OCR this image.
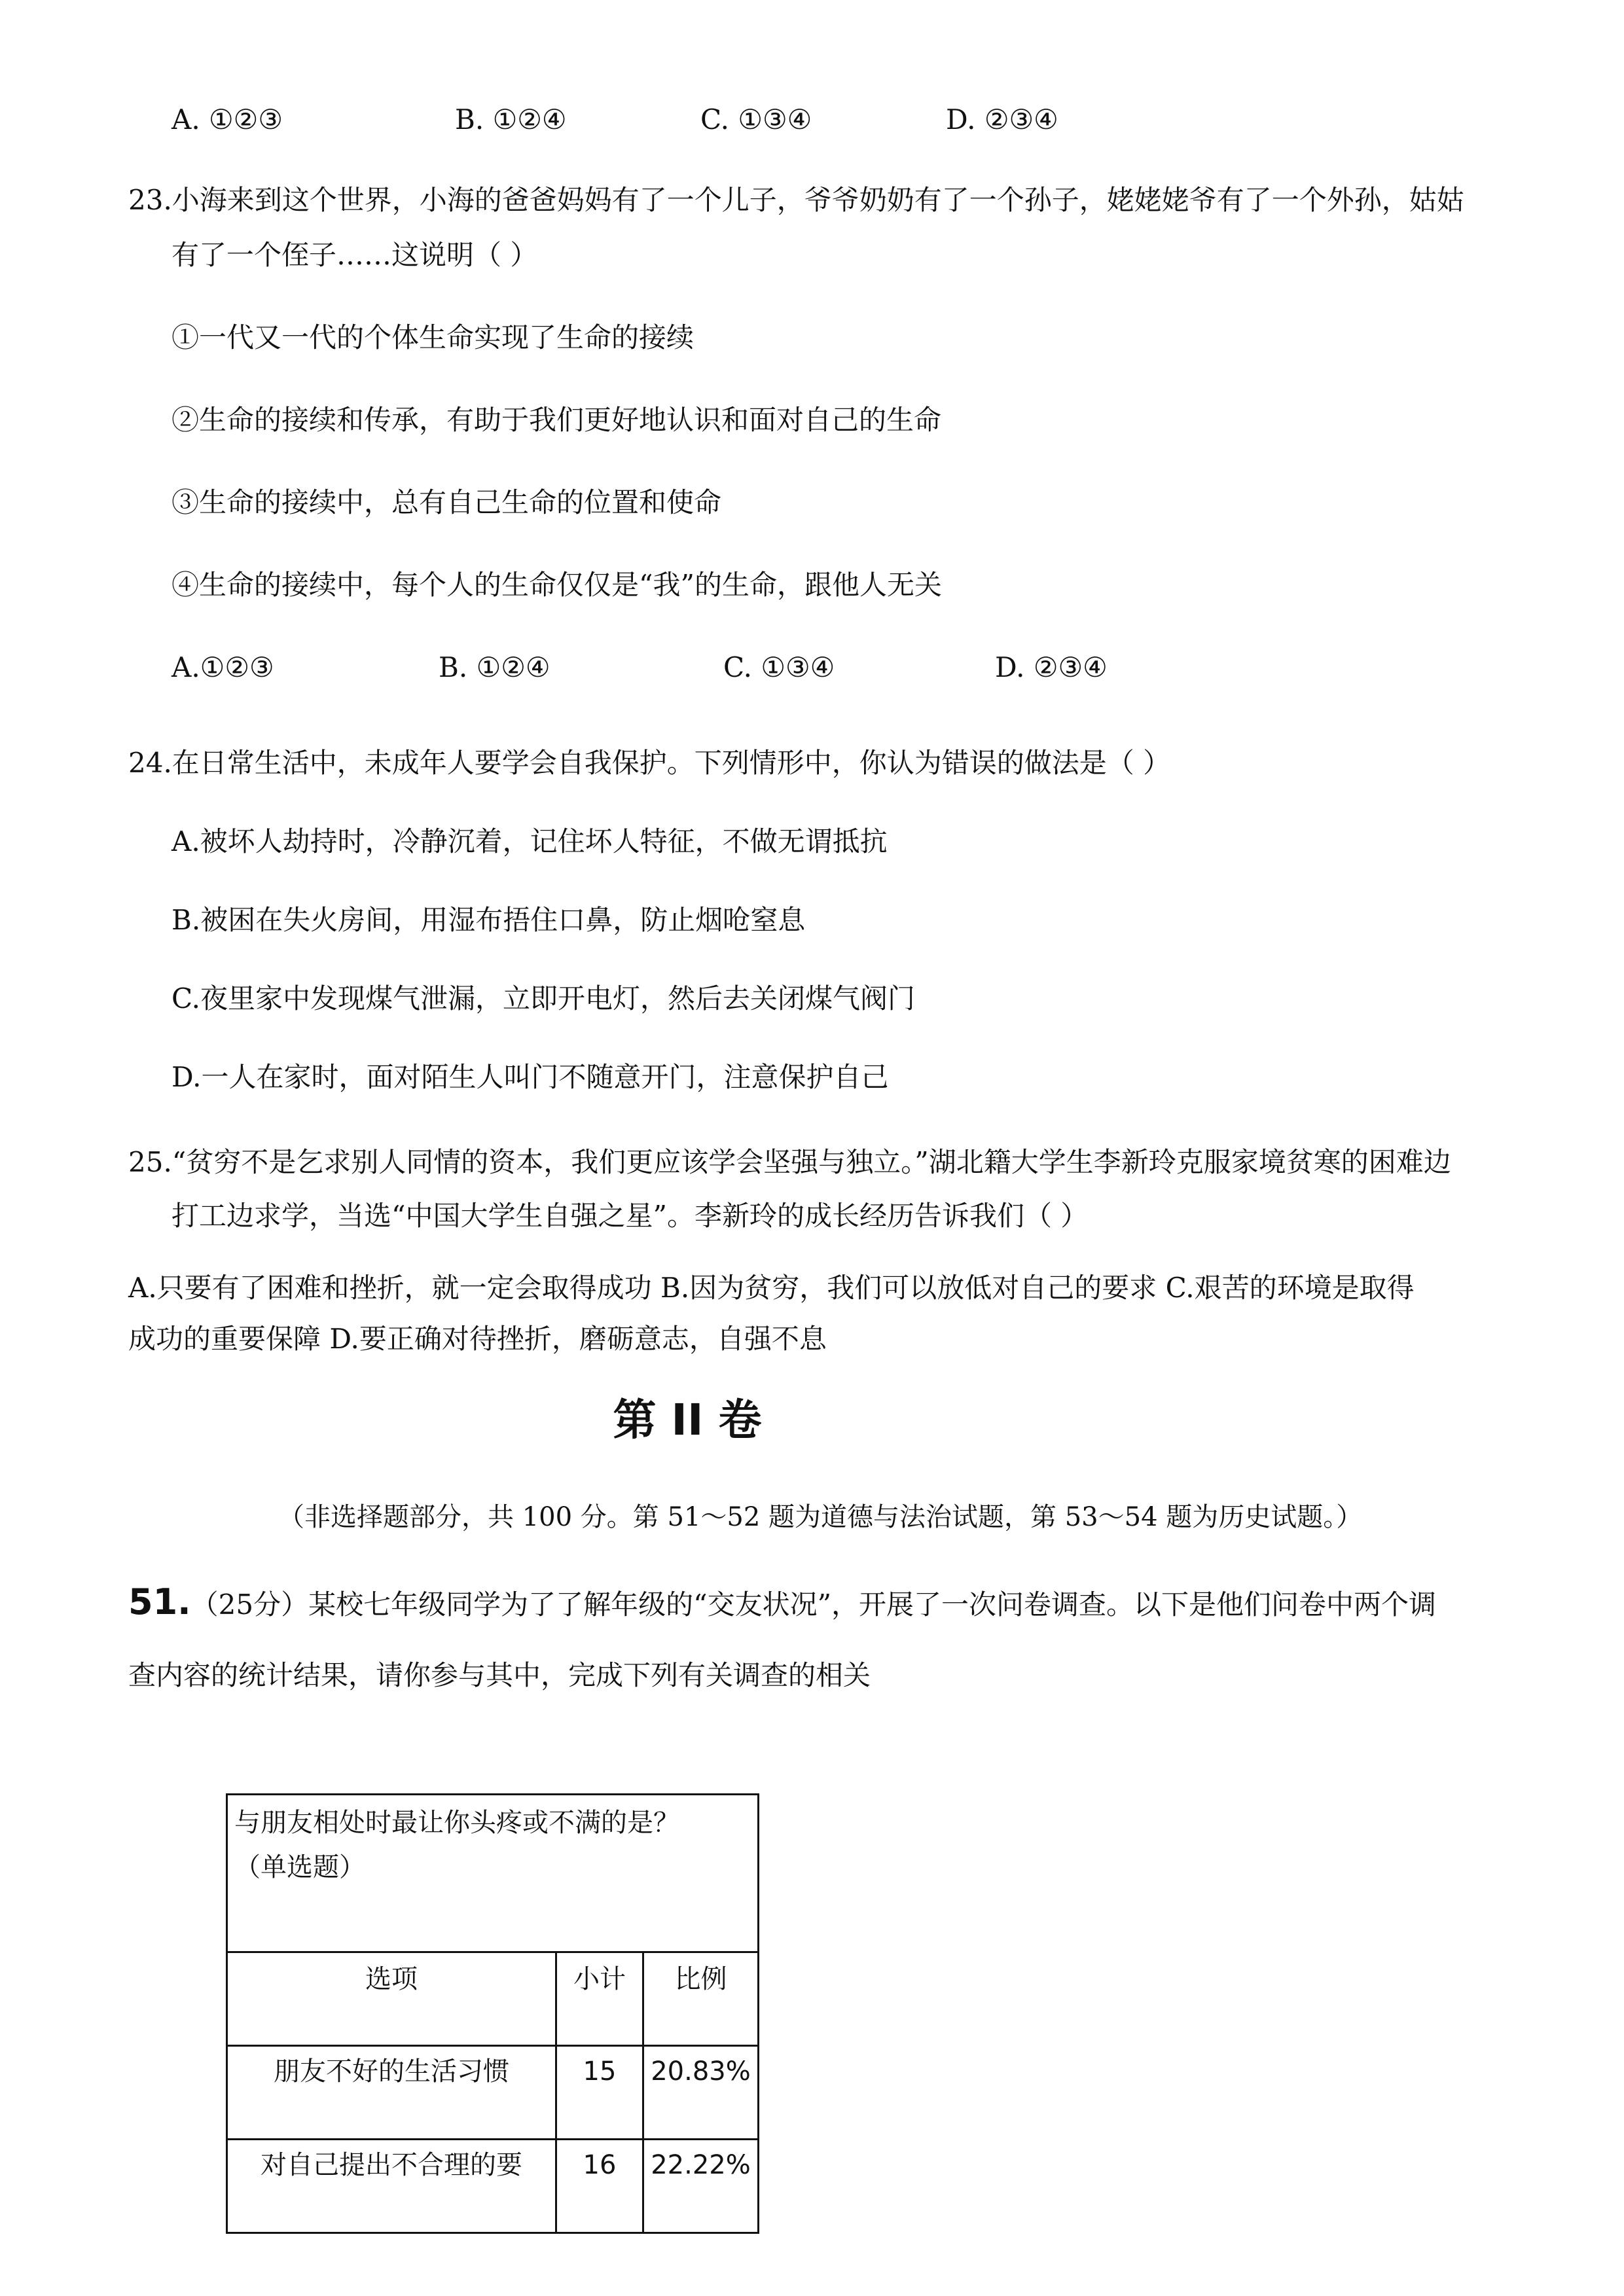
A. ①②③	B. ①②④	C. ①③④	D. ②③④
23.小海来到这个世界，小海的爸爸妈妈有了一个儿子，爷爷奶奶有了一个孙子，姥姥姥爷有了一个外孙，姑姑
有了一个侄子……这说明（ ）
①一代又一代的个体生命实现了生命的接续
②生命的接续和传承，有助于我们更好地认识和面对自己的生命
③生命的接续中，总有自己生命的位置和使命
④生命的接续中，每个人的生命仅仅是“我”的生命，跟他人无关
A.①②③	B. ①②④	C. ①③④	D. ②③④
24.在日常生活中，未成年人要学会自我保护。下列情形中，你认为错误的做法是（ ）
A.被坏人劫持时，冷静沉着，记住坏人特征，不做无谓抵抗
B.被困在失火房间，用湿布捂住口鼻，防止烟呛窒息
C.夜里家中发现煤气泄漏，立即开电灯，然后去关闭煤气阀门
D.一人在家时，面对陌生人叫门不随意开门，注意保护自己
25.“贫穷不是乞求别人同情的资本，我们更应该学会坚强与独立。”湖北籍大学生李新玲克服家境贫寒的困难边
打工边求学，当选“中国大学生自强之星”。李新玲的成长经历告诉我们（ ）
A.只要有了困难和挫折，就一定会取得成功 B.因为贫穷，我们可以放低对自己的要求 C.艰苦的环境是取得
成功的重要保障 D.要正确对待挫折，磨砺意志，自强不息
第 II 卷
（非选择题部分，共 100 分。第 51～52 题为道德与法治试题，第 53～54 题为历史试题。）
51.（25分）某校七年级同学为了了解年级的“交友状况”，开展了一次问卷调查。以下是他们问卷中两个调
查内容的统计结果，请你参与其中，完成下列有关调查的相关
与朋友相处时最让你头疼或不满的是？
（单选题）		

选项	小计	比例
朋友不好的生活习惯	15	20.83%
对自己提出不合理的要	16	22.22%
